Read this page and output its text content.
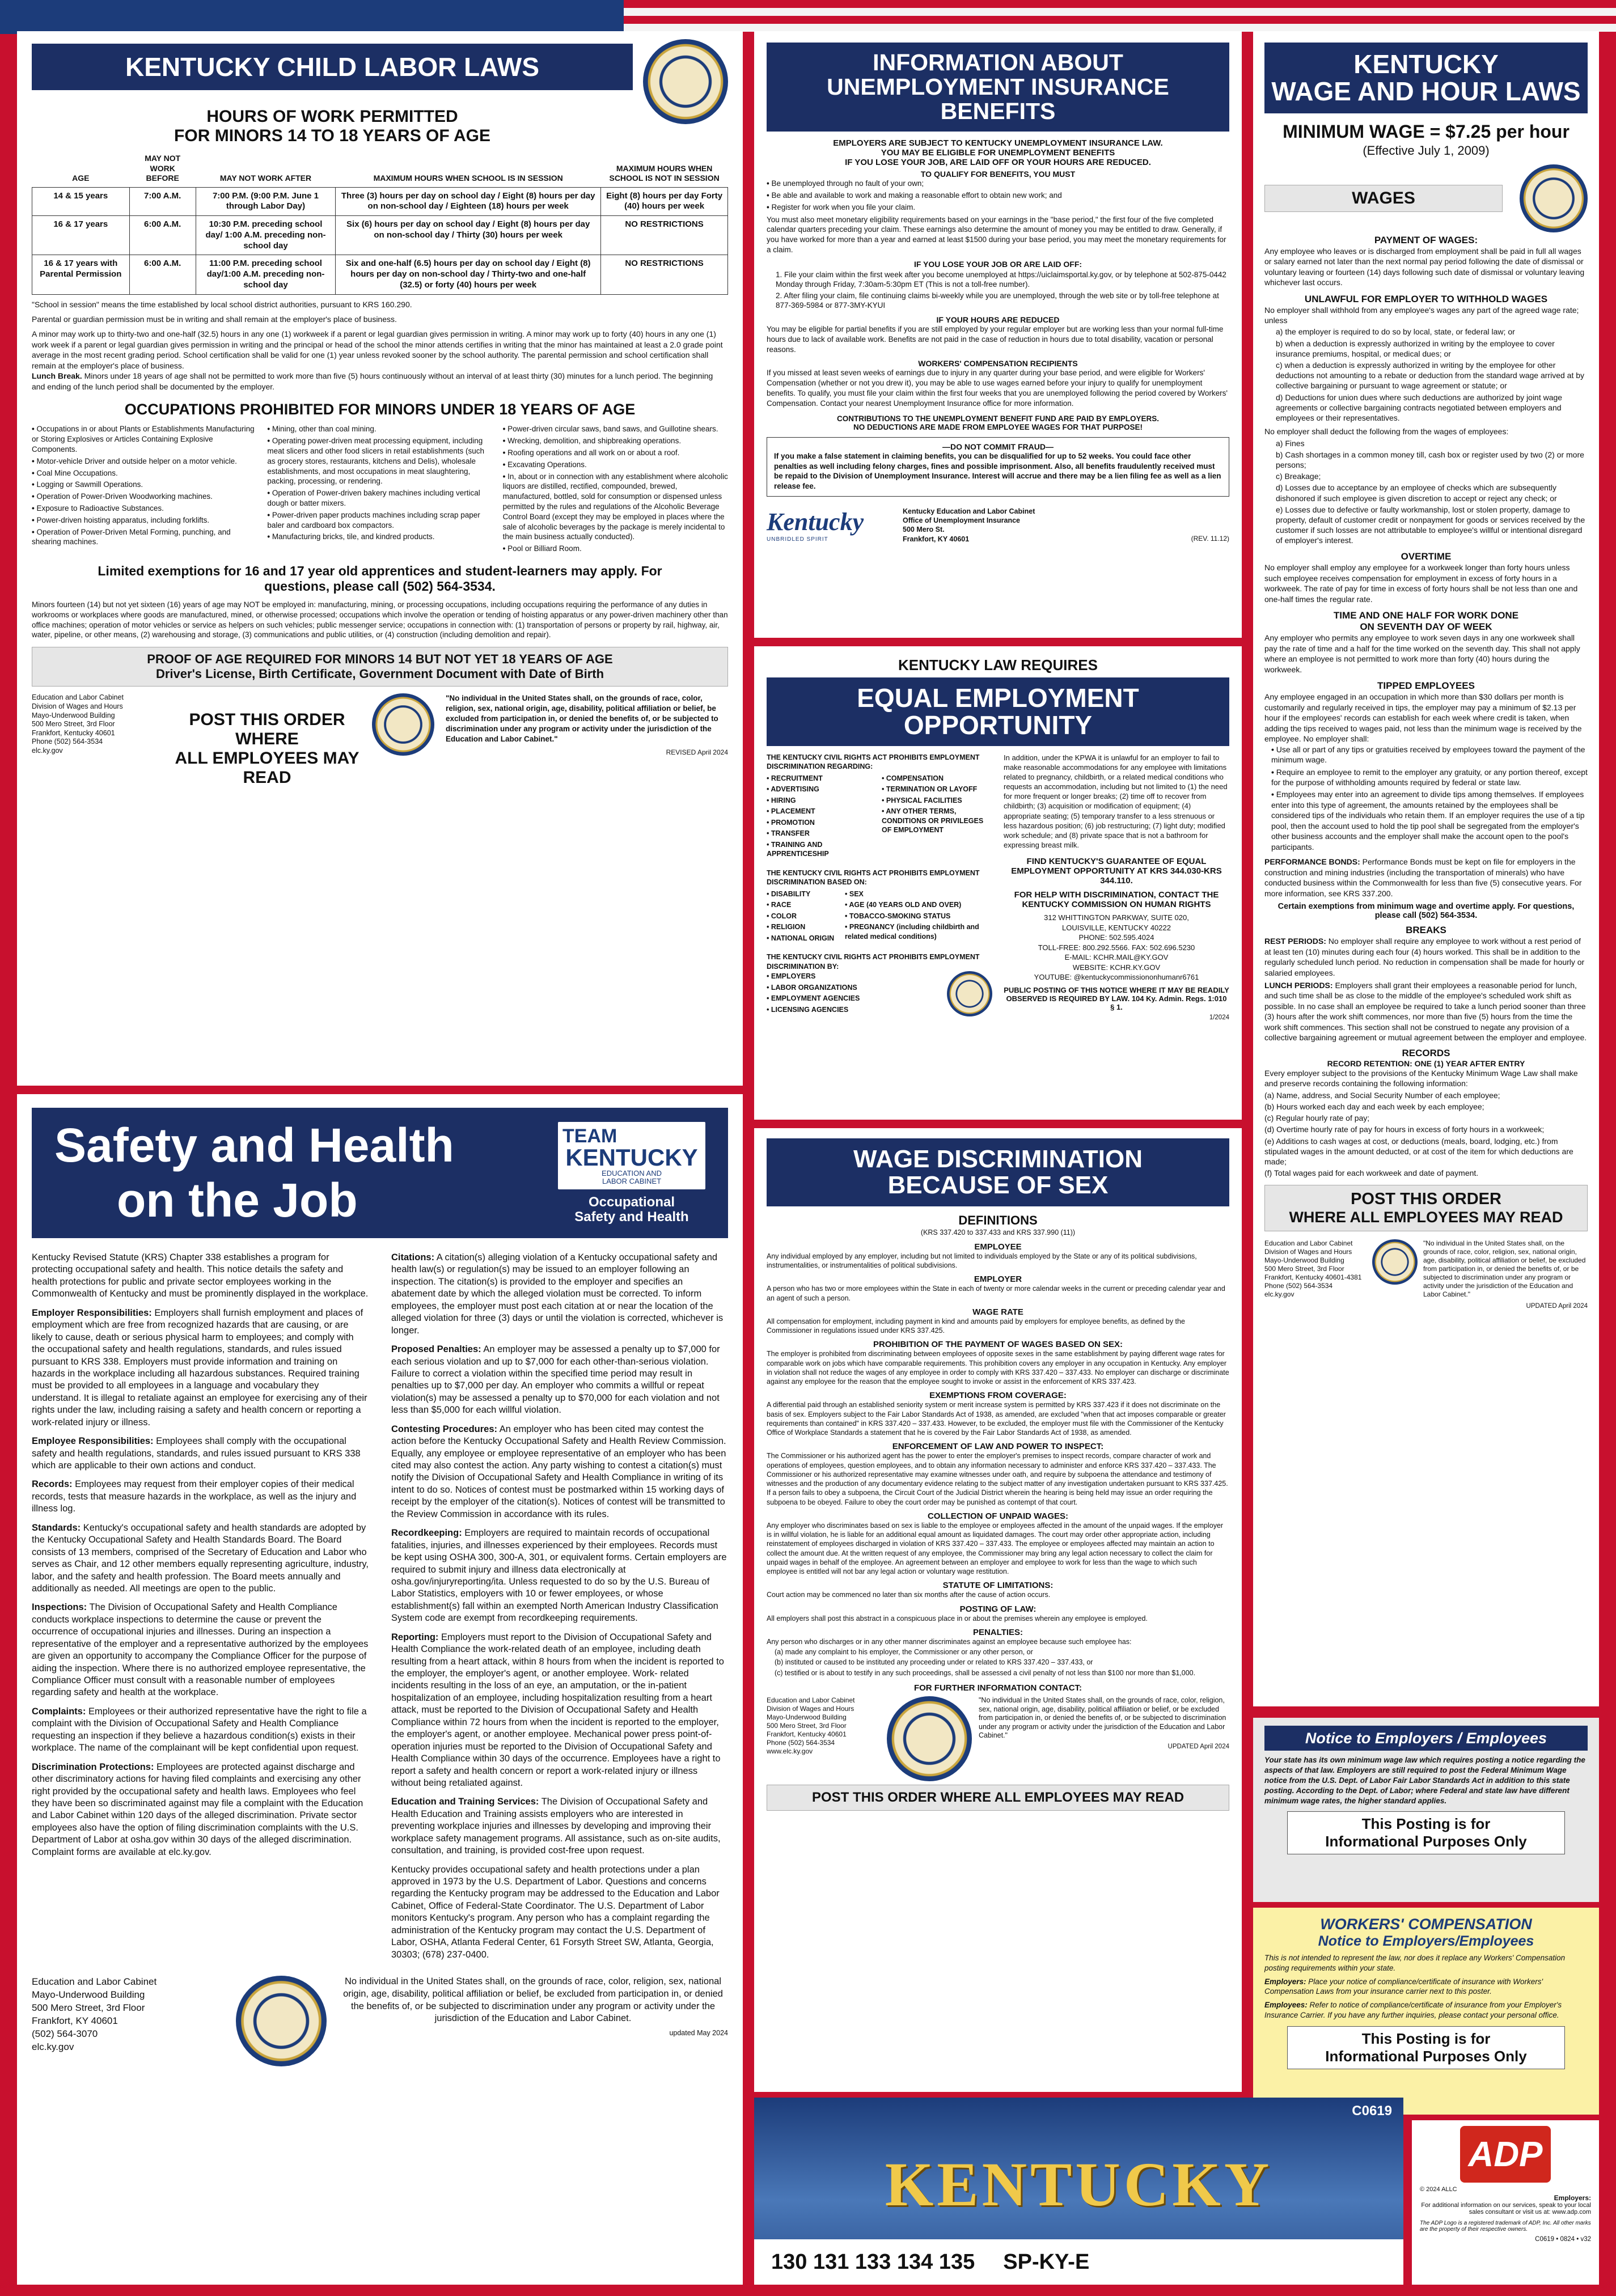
KENTUCKY CHILD LABOR LAWS
HOURS OF WORK PERMITTED
FOR MINORS 14 TO 18 YEARS OF AGE
AGE	MAY NOT WORK BEFORE	MAY NOT WORK AFTER	MAXIMUM HOURS WHEN SCHOOL IS IN SESSION	MAXIMUM HOURS WHEN SCHOOL IS NOT IN SESSION
14 & 15 years	7:00 A.M.	7:00 P.M. (9:00 P.M. June 1 through Labor Day)	Three (3) hours per day on school day / Eight (8) hours per day on non-school day / Eighteen (18) hours per week	Eight (8) hours per day Forty (40) hours per week
16 & 17 years	6:00 A.M.	10:30 P.M. preceding school day/ 1:00 A.M. preceding non-school day	Six (6) hours per day on school day / Eight (8) hours per day on non-school day / Thirty (30) hours per week	NO RESTRICTIONS
16 & 17 years with Parental Permission	6:00 A.M.	11:00 P.M. preceding school day/1:00 A.M. preceding non-school day	Six and one-half (6.5) hours per day on school day / Eight (8) hours per day on non-school day / Thirty-two and one-half (32.5) or forty (40) hours per week	NO RESTRICTIONS
"School in session" means the time established by local school district authorities, pursuant to KRS 160.290.
Parental or guardian permission must be in writing and shall remain at the employer's place of business.
A minor may work up to thirty-two and one-half (32.5) hours in any one (1) workweek if a parent or legal guardian gives permission in writing. A minor may work up to forty (40) hours in any one (1) work week if a parent or legal guardian gives permission in writing and the principal or head of the school the minor attends certifies in writing that the minor has maintained at least a 2.0 grade point average in the most recent grading period. School certification shall be valid for one (1) year unless revoked sooner by the school authority. The parental permission and school certification shall remain at the employer's place of business.
Lunch Break. Minors under 18 years of age shall not be permitted to work more than five (5) hours continuously without an interval of at least thirty (30) minutes for a lunch period. The beginning and ending of the lunch period shall be documented by the employer.
OCCUPATIONS PROHIBITED FOR MINORS UNDER 18 YEARS OF AGE
• Occupations in or about Plants or Establishments Manufacturing or Storing Explosives or Articles Containing Explosive Components.
• Motor-vehicle Driver and outside helper on a motor vehicle.
• Coal Mine Occupations.
• Logging or Sawmill Operations.
• Operation of Power-Driven Woodworking machines.
• Exposure to Radioactive Substances.
• Power-driven hoisting apparatus, including forklifts.
• Operation of Power-Driven Metal Forming, punching, and shearing machines.
• Mining, other than coal mining.
• Operating power-driven meat processing equipment, including meat slicers and other food slicers in retail establishments (such as grocery stores, restaurants, kitchens and Delis), wholesale establishments, and most occupations in meat slaughtering, packing, processing, or rendering.
• Operation of Power-driven bakery machines including vertical dough or batter mixers.
• Power-driven paper products machines including scrap paper baler and cardboard box compactors.
• Manufacturing bricks, tile, and kindred products.
• Power-driven circular saws, band saws, and Guillotine shears.
• Wrecking, demolition, and shipbreaking operations.
• Roofing operations and all work on or about a roof.
• Excavating Operations.
• In, about or in connection with any establishment where alcoholic liquors are distilled, rectified, compounded, brewed, manufactured, bottled, sold for consumption or dispensed unless permitted by the rules and regulations of the Alcoholic Beverage Control Board (except they may be employed in places where the sale of alcoholic beverages by the package is merely incidental to the main business actually conducted).
• Pool or Billiard Room.
Limited exemptions for 16 and 17 year old apprentices and student-learners may apply. For questions, please call (502) 564-3534.
Minors fourteen (14) but not yet sixteen (16) years of age may NOT be employed in: manufacturing, mining, or processing occupations, including occupations requiring the performance of any duties in workrooms or workplaces where goods are manufactured, mined, or otherwise processed; occupations which involve the operation or tending of hoisting apparatus or any power-driven machinery other than office machines; operation of motor vehicles or service as helpers on such vehicles; public messenger service; occupations in connection with: (1) transportation of persons or property by rail, highway, air, water, pipeline, or other means, (2) warehousing and storage, (3) communications and public utilities, or (4) construction (including demolition and repair).
PROOF OF AGE REQUIRED FOR MINORS 14 BUT NOT YET 18 YEARS OF AGE
Driver's License, Birth Certificate, Government Document with Date of Birth
Education and Labor Cabinet
Division of Wages and Hours
Mayo-Underwood Building
500 Mero Street, 3rd Floor
Frankfort, Kentucky 40601
Phone (502) 564-3534
elc.ky.gov
POST THIS ORDER WHERE
ALL EMPLOYEES MAY READ
"No individual in the United States shall, on the grounds of race, color, religion, sex, national origin, age, disability, political affiliation or belief, be excluded from participation in, or denied the benefits of, or be subjected to discrimination under any program or activity under the jurisdiction of the Education and Labor Cabinet."
REVISED April 2024
INFORMATION ABOUT
UNEMPLOYMENT INSURANCE BENEFITS
EMPLOYERS ARE SUBJECT TO KENTUCKY UNEMPLOYMENT INSURANCE LAW.
YOU MAY BE ELIGIBLE FOR UNEMPLOYMENT BENEFITS
IF YOU LOSE YOUR JOB, ARE LAID OFF OR YOUR HOURS ARE REDUCED.
TO QUALIFY FOR BENEFITS, YOU MUST
• Be unemployed through no fault of your own;
• Be able and available to work and making a reasonable effort to obtain new work; and
• Register for work when you file your claim.
You must also meet monetary eligibility requirements based on your earnings in the "base period," the first four of the five completed calendar quarters preceding your claim. These earnings also determine the amount of money you may be entitled to draw. Generally, if you have worked for more than a year and earned at least $1500 during your base period, you may meet the monetary requirements for a claim.
IF YOU LOSE YOUR JOB OR ARE LAID OFF:
1. File your claim within the first week after you become unemployed at https://uiclaimsportal.ky.gov, or by telephone at 502-875-0442 Monday through Friday, 7:30am-5:30pm ET (This is not a toll-free number).
2. After filing your claim, file continuing claims bi-weekly while you are unemployed, through the web site or by toll-free telephone at 877-369-5984 or 877-3MY-KYUI
IF YOUR HOURS ARE REDUCED
You may be eligible for partial benefits if you are still employed by your regular employer but are working less than your normal full-time hours due to lack of available work. Benefits are not paid in the case of reduction in hours due to total disability, vacation or personal reasons.
WORKERS' COMPENSATION RECIPIENTS
If you missed at least seven weeks of earnings due to injury in any quarter during your base period, and were eligible for Workers' Compensation (whether or not you drew it), you may be able to use wages earned before your injury to qualify for unemployment benefits. To qualify, you must file your claim within the first four weeks that you are unemployed following the period covered by Workers' Compensation. Contact your nearest Unemployment Insurance office for more information.
CONTRIBUTIONS TO THE UNEMPLOYMENT BENEFIT FUND ARE PAID BY EMPLOYERS.
NO DEDUCTIONS ARE MADE FROM EMPLOYEE WAGES FOR THAT PURPOSE!
—DO NOT COMMIT FRAUD—
If you make a false statement in claiming benefits, you can be disqualified for up to 52 weeks. You could face other penalties as well including felony charges, fines and possible imprisonment. Also, all benefits fraudulently received must be repaid to the Division of Unemployment Insurance. Interest will accrue and there may be a lien filing fee as well as a lien release fee.
Kentucky
UNBRIDLED SPIRIT
Kentucky Education and Labor Cabinet
Office of Unemployment Insurance
500 Mero St.
Frankfort, KY 40601	(REV. 11.12)
KENTUCKY
WAGE AND HOUR LAWS
MINIMUM WAGE = $7.25 per hour
(Effective July 1, 2009)
WAGES
PAYMENT OF WAGES:
Any employee who leaves or is discharged from employment shall be paid in full all wages or salary earned not later than the next normal pay period following the date of dismissal or voluntary leaving or fourteen (14) days following such date of dismissal or voluntary leaving whichever last occurs.
UNLAWFUL FOR EMPLOYER TO WITHHOLD WAGES
No employer shall withhold from any employee's wages any part of the agreed wage rate; unless
a) the employer is required to do so by local, state, or federal law; or
b) when a deduction is expressly authorized in writing by the employee to cover insurance premiums, hospital, or medical dues; or
c) when a deduction is expressly authorized in writing by the employee for other deductions not amounting to a rebate or deduction from the standard wage arrived at by collective bargaining or pursuant to wage agreement or statute; or
d) Deductions for union dues where such deductions are authorized by joint wage agreements or collective bargaining contracts negotiated between employers and employees or their representatives.
No employer shall deduct the following from the wages of employees:
a) Fines
b) Cash shortages in a common money till, cash box or register used by two (2) or more persons;
c) Breakage;
d) Losses due to acceptance by an employee of checks which are subsequently dishonored if such employee is given discretion to accept or reject any check; or
e) Losses due to defective or faulty workmanship, lost or stolen property, damage to property, default of customer credit or nonpayment for goods or services received by the customer if such losses are not attributable to employee's willful or intentional disregard of employer's interest.
OVERTIME
No employer shall employ any employee for a workweek longer than forty hours unless such employee receives compensation for employment in excess of forty hours in a workweek. The rate of pay for time in excess of forty hours shall be not less than one and one-half times the regular rate.
TIME AND ONE HALF FOR WORK DONE
ON SEVENTH DAY OF WEEK
Any employer who permits any employee to work seven days in any one workweek shall pay the rate of time and a half for the time worked on the seventh day. This shall not apply where an employee is not permitted to work more than forty (40) hours during the workweek.
TIPPED EMPLOYEES
Any employee engaged in an occupation in which more than $30 dollars per month is customarily and regularly received in tips, the employer may pay a minimum of $2.13 per hour if the employees' records can establish for each week where credit is taken, when adding the tips received to wages paid, not less than the minimum wage is received by the employee. No employer shall:
• Use all or part of any tips or gratuities received by employees toward the payment of the minimum wage.
• Require an employee to remit to the employer any gratuity, or any portion thereof, except for the purpose of withholding amounts required by federal or state law.
• Employees may enter into an agreement to divide tips among themselves. If employees enter into this type of agreement, the amounts retained by the employees shall be considered tips of the individuals who retain them. If an employer requires the use of a tip pool, then the account used to hold the tip pool shall be segregated from the employer's other business accounts and the employer shall make the account open to the pool's participants.
PERFORMANCE BONDS: Performance Bonds must be kept on file for employers in the construction and mining industries (including the transportation of minerals) who have conducted business within the Commonwealth for less than five (5) consecutive years. For more information, see KRS 337.200.
Certain exemptions from minimum wage and overtime apply. For questions, please call (502) 564-3534.
BREAKS
REST PERIODS: No employer shall require any employee to work without a rest period of at least ten (10) minutes during each four (4) hours worked. This shall be in addition to the regularly scheduled lunch period. No reduction in compensation shall be made for hourly or salaried employees.
LUNCH PERIODS: Employers shall grant their employees a reasonable period for lunch, and such time shall be as close to the middle of the employee's scheduled work shift as possible. In no case shall an employee be required to take a lunch period sooner than three (3) hours after the work shift commences, nor more than five (5) hours from the time the work shift commences. This section shall not be construed to negate any provision of a collective bargaining agreement or mutual agreement between the employer and employee.
RECORDS
RECORD RETENTION: ONE (1) YEAR AFTER ENTRY
Every employer subject to the provisions of the Kentucky Minimum Wage Law shall make and preserve records containing the following information:
(a) Name, address, and Social Security Number of each employee;
(b) Hours worked each day and each week by each employee;
(c) Regular hourly rate of pay;
(d) Overtime hourly rate of pay for hours in excess of forty hours in a workweek;
(e) Additions to cash wages at cost, or deductions (meals, board, lodging, etc.) from stipulated wages in the amount deducted, or at cost of the item for which deductions are made;
(f) Total wages paid for each workweek and date of payment.
POST THIS ORDER
WHERE ALL EMPLOYEES MAY READ
Education and Labor Cabinet
Division of Wages and Hours
Mayo-Underwood Building
500 Mero Street, 3rd Floor
Frankfort, Kentucky 40601-4381
Phone (502) 564-3534
elc.ky.gov
"No individual in the United States shall, on the grounds of race, color, religion, sex, national origin, age, disability, political affiliation or belief, be excluded from participation in, or denied the benefits of, or be subjected to discrimination under any program or activity under the jurisdiction of the Education and Labor Cabinet."
UPDATED April 2024
KENTUCKY LAW REQUIRES
EQUAL EMPLOYMENT OPPORTUNITY
THE KENTUCKY CIVIL RIGHTS ACT PROHIBITS EMPLOYMENT DISCRIMINATION REGARDING:
• RECRUITMENT
• ADVERTISING
• HIRING
• PLACEMENT
• PROMOTION
• TRANSFER
• TRAINING AND APPRENTICESHIP
• COMPENSATION
• TERMINATION OR LAYOFF
• PHYSICAL FACILITIES
• ANY OTHER TERMS, CONDITIONS OR PRIVILEGES OF EMPLOYMENT
THE KENTUCKY CIVIL RIGHTS ACT PROHIBITS EMPLOYMENT DISCRIMINATION BASED ON:
• DISABILITY
• RACE
• COLOR
• RELIGION
• NATIONAL ORIGIN
• SEX
• AGE (40 YEARS OLD AND OVER)
• TOBACCO-SMOKING STATUS
• PREGNANCY (including childbirth and related medical conditions)
THE KENTUCKY CIVIL RIGHTS ACT PROHIBITS EMPLOYMENT DISCRIMINATION BY:
• EMPLOYERS
• LABOR ORGANIZATIONS
• EMPLOYMENT AGENCIES
• LICENSING AGENCIES
In addition, under the KPWA it is unlawful for an employer to fail to make reasonable accommodations for any employee with limitations related to pregnancy, childbirth, or a related medical conditions who requests an accommodation, including but not limited to (1) the need for more frequent or longer breaks; (2) time off to recover from childbirth; (3) acquisition or modification of equipment; (4) appropriate seating; (5) temporary transfer to a less strenuous or less hazardous position; (6) job restructuring; (7) light duty; modified work schedule; and (8) private space that is not a bathroom for expressing breast milk.
FIND KENTUCKY'S GUARANTEE OF EQUAL EMPLOYMENT OPPORTUNITY AT KRS 344.030-KRS 344.110.
FOR HELP WITH DISCRIMINATION, CONTACT THE KENTUCKY COMMISSION ON HUMAN RIGHTS
312 WHITTINGTON PARKWAY, SUITE 020,
LOUISVILLE, KENTUCKY 40222
PHONE: 502.595.4024
TOLL-FREE: 800.292.5566. FAX: 502.696.5230
E-MAIL: KCHR.MAIL@KY.GOV
WEBSITE: KCHR.KY.GOV
YOUTUBE: @kentuckycommissiononhumanr6761
PUBLIC POSTING OF THIS NOTICE WHERE IT MAY BE READILY OBSERVED IS REQUIRED BY LAW. 104 Ky. Admin. Regs. 1:010 § 1.
1/2024
WAGE DISCRIMINATION
BECAUSE OF SEX
DEFINITIONS
(KRS 337.420 to 337.433 and KRS 337.990 (11))
EMPLOYEE
Any individual employed by any employer, including but not limited to individuals employed by the State or any of its political subdivisions, instrumentalities, or instrumentalities of political subdivisions.
EMPLOYER
A person who has two or more employees within the State in each of twenty or more calendar weeks in the current or preceding calendar year and an agent of such a person.
WAGE RATE
All compensation for employment, including payment in kind and amounts paid by employers for employee benefits, as defined by the Commissioner in regulations issued under KRS 337.425.
PROHIBITION OF THE PAYMENT OF WAGES BASED ON SEX:
The employer is prohibited from discriminating between employees of opposite sexes in the same establishment by paying different wage rates for comparable work on jobs which have comparable requirements. This prohibition covers any employer in any occupation in Kentucky. Any employer in violation shall not reduce the wages of any employee in order to comply with KRS 337.420 – 337.433. No employer can discharge or discriminate against any employee for the reason that the employee sought to invoke or assist in the enforcement of KRS 337.423.
EXEMPTIONS FROM COVERAGE:
A differential paid through an established seniority system or merit increase system is permitted by KRS 337.423 if it does not discriminate on the basis of sex. Employers subject to the Fair Labor Standards Act of 1938, as amended, are excluded "when that act imposes comparable or greater requirements than contained" in KRS 337.420 – 337.433. However, to be excluded, the employer must file with the Commissioner of the Kentucky Office of Workplace Standards a statement that he is covered by the Fair Labor Standards Act of 1938, as amended.
ENFORCEMENT OF LAW AND POWER TO INSPECT:
The Commissioner or his authorized agent has the power to enter the employer's premises to inspect records, compare character of work and operations of employees, question employees, and to obtain any information necessary to administer and enforce KRS 337.420 – 337.433. The Commissioner or his authorized representative may examine witnesses under oath, and require by subpoena the attendance and testimony of witnesses and the production of any documentary evidence relating to the subject matter of any investigation undertaken pursuant to KRS 337.425. If a person fails to obey a subpoena, the Circuit Court of the Judicial District wherein the hearing is being held may issue an order requiring the subpoena to be obeyed. Failure to obey the court order may be punished as contempt of that court.
COLLECTION OF UNPAID WAGES:
Any employer who discriminates based on sex is liable to the employee or employees affected in the amount of the unpaid wages. If the employer is in willful violation, he is liable for an additional equal amount as liquidated damages. The court may order other appropriate action, including reinstatement of employees discharged in violation of KRS 337.420 – 337.433. The employee or employees affected may maintain an action to collect the amount due. At the written request of any employee, the Commissioner may bring any legal action necessary to collect the claim for unpaid wages in behalf of the employee. An agreement between an employer and employee to work for less than the wage to which such employee is entitled will not bar any legal action or voluntary wage restitution.
STATUTE OF LIMITATIONS:
Court action may be commenced no later than six months after the cause of action occurs.
POSTING OF LAW:
All employers shall post this abstract in a conspicuous place in or about the premises wherein any employee is employed.
PENALTIES:
Any person who discharges or in any other manner discriminates against an employee because such employee has:
(a) made any complaint to his employer, the Commissioner or any other person, or
(b) instituted or caused to be instituted any proceeding under or related to KRS 337.420 – 337.433, or
(c) testified or is about to testify in any such proceedings, shall be assessed a civil penalty of not less than $100 nor more than $1,000.
FOR FURTHER INFORMATION CONTACT:
Education and Labor Cabinet
Division of Wages and Hours
Mayo-Underwood Building
500 Mero Street, 3rd Floor
Frankfort, Kentucky 40601
Phone (502) 564-3534
www.elc.ky.gov
"No individual in the United States shall, on the grounds of race, color, religion, sex, national origin, age, disability, political affiliation or belief, or be excluded from participation in, or denied the benefits of, or be subjected to discrimination under any program or activity under the jurisdiction of the Education and Labor Cabinet."
UPDATED April 2024
POST THIS ORDER WHERE ALL EMPLOYEES MAY READ
Safety and Health
on the Job
TEAM
KENTUCKY
EDUCATION AND
LABOR CABINET
Occupational
Safety and Health
Kentucky Revised Statute (KRS) Chapter 338 establishes a program for protecting occupational safety and health. This notice details the safety and health protections for public and private sector employees working in the Commonwealth of Kentucky and must be prominently displayed in the workplace.
Employer Responsibilities: Employers shall furnish employment and places of employment which are free from recognized hazards that are causing, or are likely to cause, death or serious physical harm to employees; and comply with the occupational safety and health regulations, standards, and rules issued pursuant to KRS 338. Employers must provide information and training on hazards in the workplace including all hazardous substances. Required training must be provided to all employees in a language and vocabulary they understand. It is illegal to retaliate against an employee for exercising any of their rights under the law, including raising a safety and health concern or reporting a work-related injury or illness.
Employee Responsibilities: Employees shall comply with the occupational safety and health regulations, standards, and rules issued pursuant to KRS 338 which are applicable to their own actions and conduct.
Records: Employees may request from their employer copies of their medical records, tests that measure hazards in the workplace, as well as the injury and illness log.
Standards: Kentucky's occupational safety and health standards are adopted by the Kentucky Occupational Safety and Health Standards Board. The Board consists of 13 members, comprised of the Secretary of Education and Labor who serves as Chair, and 12 other members equally representing agriculture, industry, labor, and the safety and health profession. The Board meets annually and additionally as needed. All meetings are open to the public.
Inspections: The Division of Occupational Safety and Health Compliance conducts workplace inspections to determine the cause or prevent the occurrence of occupational injuries and illnesses. During an inspection a representative of the employer and a representative authorized by the employees are given an opportunity to accompany the Compliance Officer for the purpose of aiding the inspection. Where there is no authorized employee representative, the Compliance Officer must consult with a reasonable number of employees regarding safety and health at the workplace.
Complaints: Employees or their authorized representative have the right to file a complaint with the Division of Occupational Safety and Health Compliance requesting an inspection if they believe a hazardous condition(s) exists in their workplace. The name of the complainant will be kept confidential upon request.
Discrimination Protections: Employees are protected against discharge and other discriminatory actions for having filed complaints and exercising any other right provided by the occupational safety and health laws. Employees who feel they have been so discriminated against may file a complaint with the Education and Labor Cabinet within 120 days of the alleged discrimination. Private sector employees also have the option of filing discrimination complaints with the U.S. Department of Labor at osha.gov within 30 days of the alleged discrimination. Complaint forms are available at elc.ky.gov.
Citations: A citation(s) alleging violation of a Kentucky occupational safety and health law(s) or regulation(s) may be issued to an employer following an inspection. The citation(s) is provided to the employer and specifies an abatement date by which the alleged violation must be corrected. To inform employees, the employer must post each citation at or near the location of the alleged violation for three (3) days or until the violation is corrected, whichever is longer.
Proposed Penalties: An employer may be assessed a penalty up to $7,000 for each serious violation and up to $7,000 for each other-than-serious violation. Failure to correct a violation within the specified time period may result in penalties up to $7,000 per day. An employer who commits a willful or repeat violation(s) may be assessed a penalty up to $70,000 for each violation and not less than $5,000 for each willful violation.
Contesting Procedures: An employer who has been cited may contest the action before the Kentucky Occupational Safety and Health Review Commission. Equally, any employee or employee representative of an employer who has been cited may also contest the action. Any party wishing to contest a citation(s) must notify the Division of Occupational Safety and Health Compliance in writing of its intent to do so. Notices of contest must be postmarked within 15 working days of receipt by the employer of the citation(s). Notices of contest will be transmitted to the Review Commission in accordance with its rules.
Recordkeeping: Employers are required to maintain records of occupational fatalities, injuries, and illnesses experienced by their employees. Records must be kept using OSHA 300, 300-A, 301, or equivalent forms. Certain employers are required to submit injury and illness data electronically at osha.gov/injuryreporting/ita. Unless requested to do so by the U.S. Bureau of Labor Statistics, employers with 10 or fewer employees, or whose establishment(s) fall within an exempted North American Industry Classification System code are exempt from recordkeeping requirements.
Reporting: Employers must report to the Division of Occupational Safety and Health Compliance the work-related death of an employee, including death resulting from a heart attack, within 8 hours from when the incident is reported to the employer, the employer's agent, or another employee. Work- related incidents resulting in the loss of an eye, an amputation, or the in-patient hospitalization of an employee, including hospitalization resulting from a heart attack, must be reported to the Division of Occupational Safety and Health Compliance within 72 hours from when the incident is reported to the employer, the employer's agent, or another employee. Mechanical power press point-of-operation injuries must be reported to the Division of Occupational Safety and Health Compliance within 30 days of the occurrence. Employees have a right to report a safety and health concern or report a work-related injury or illness without being retaliated against.
Education and Training Services: The Division of Occupational Safety and Health Education and Training assists employers who are interested in preventing workplace injuries and illnesses by developing and improving their workplace safety management programs. All assistance, such as on-site audits, consultation, and training, is provided cost-free upon request.
Kentucky provides occupational safety and health protections under a plan approved in 1973 by the U.S. Department of Labor. Questions and concerns regarding the Kentucky program may be addressed to the Education and Labor Cabinet, Office of Federal-State Coordinator. The U.S. Department of Labor monitors Kentucky's program. Any person who has a complaint regarding the administration of the Kentucky program may contact the U.S. Department of Labor, OSHA, Atlanta Federal Center, 61 Forsyth Street SW, Atlanta, Georgia, 30303; (678) 237-0400.
Education and Labor Cabinet
Mayo-Underwood Building
500 Mero Street, 3rd Floor
Frankfort, KY 40601
(502) 564-3070
elc.ky.gov
No individual in the United States shall, on the grounds of race, color, religion, sex, national origin, age, disability, political affiliation or belief, be excluded from participation in, or denied the benefits of, or be subjected to discrimination under any program or activity under the jurisdiction of the Education and Labor Cabinet.
updated May 2024
Notice to Employers / Employees
Your state has its own minimum wage law which requires posting a notice regarding the aspects of that law. Employers are still required to post the Federal Minimum Wage notice from the U.S. Dept. of Labor Fair Labor Standards Act in addition to this state posting. According to the Dept. of Labor; where Federal and state law have different minimum wage rates, the higher standard applies.
This Posting is for
Informational Purposes Only
WORKERS' COMPENSATION
Notice to Employers/Employees
This is not intended to represent the law, nor does it replace any Workers' Compensation posting requirements within your state.
Employers: Place your notice of compliance/certificate of insurance with Workers' Compensation Laws from your insurance carrier next to this poster.
Employees: Refer to notice of compliance/certificate of insurance from your Employer's Insurance Carrier. If you have any further inquiries, please contact your personal office.
This Posting is for
Informational Purposes Only
C0619
KENTUCKY
130 131 133 134 135 SP-KY-E
ADP
© 2024 ALLC
Employers:
For additional information on our services, speak to your local sales consultant or visit us at: www.adp.com
The ADP Logo is a registered trademark of ADP, Inc. All other marks are the property of their respective owners.
C0619 • 0824 • v32
